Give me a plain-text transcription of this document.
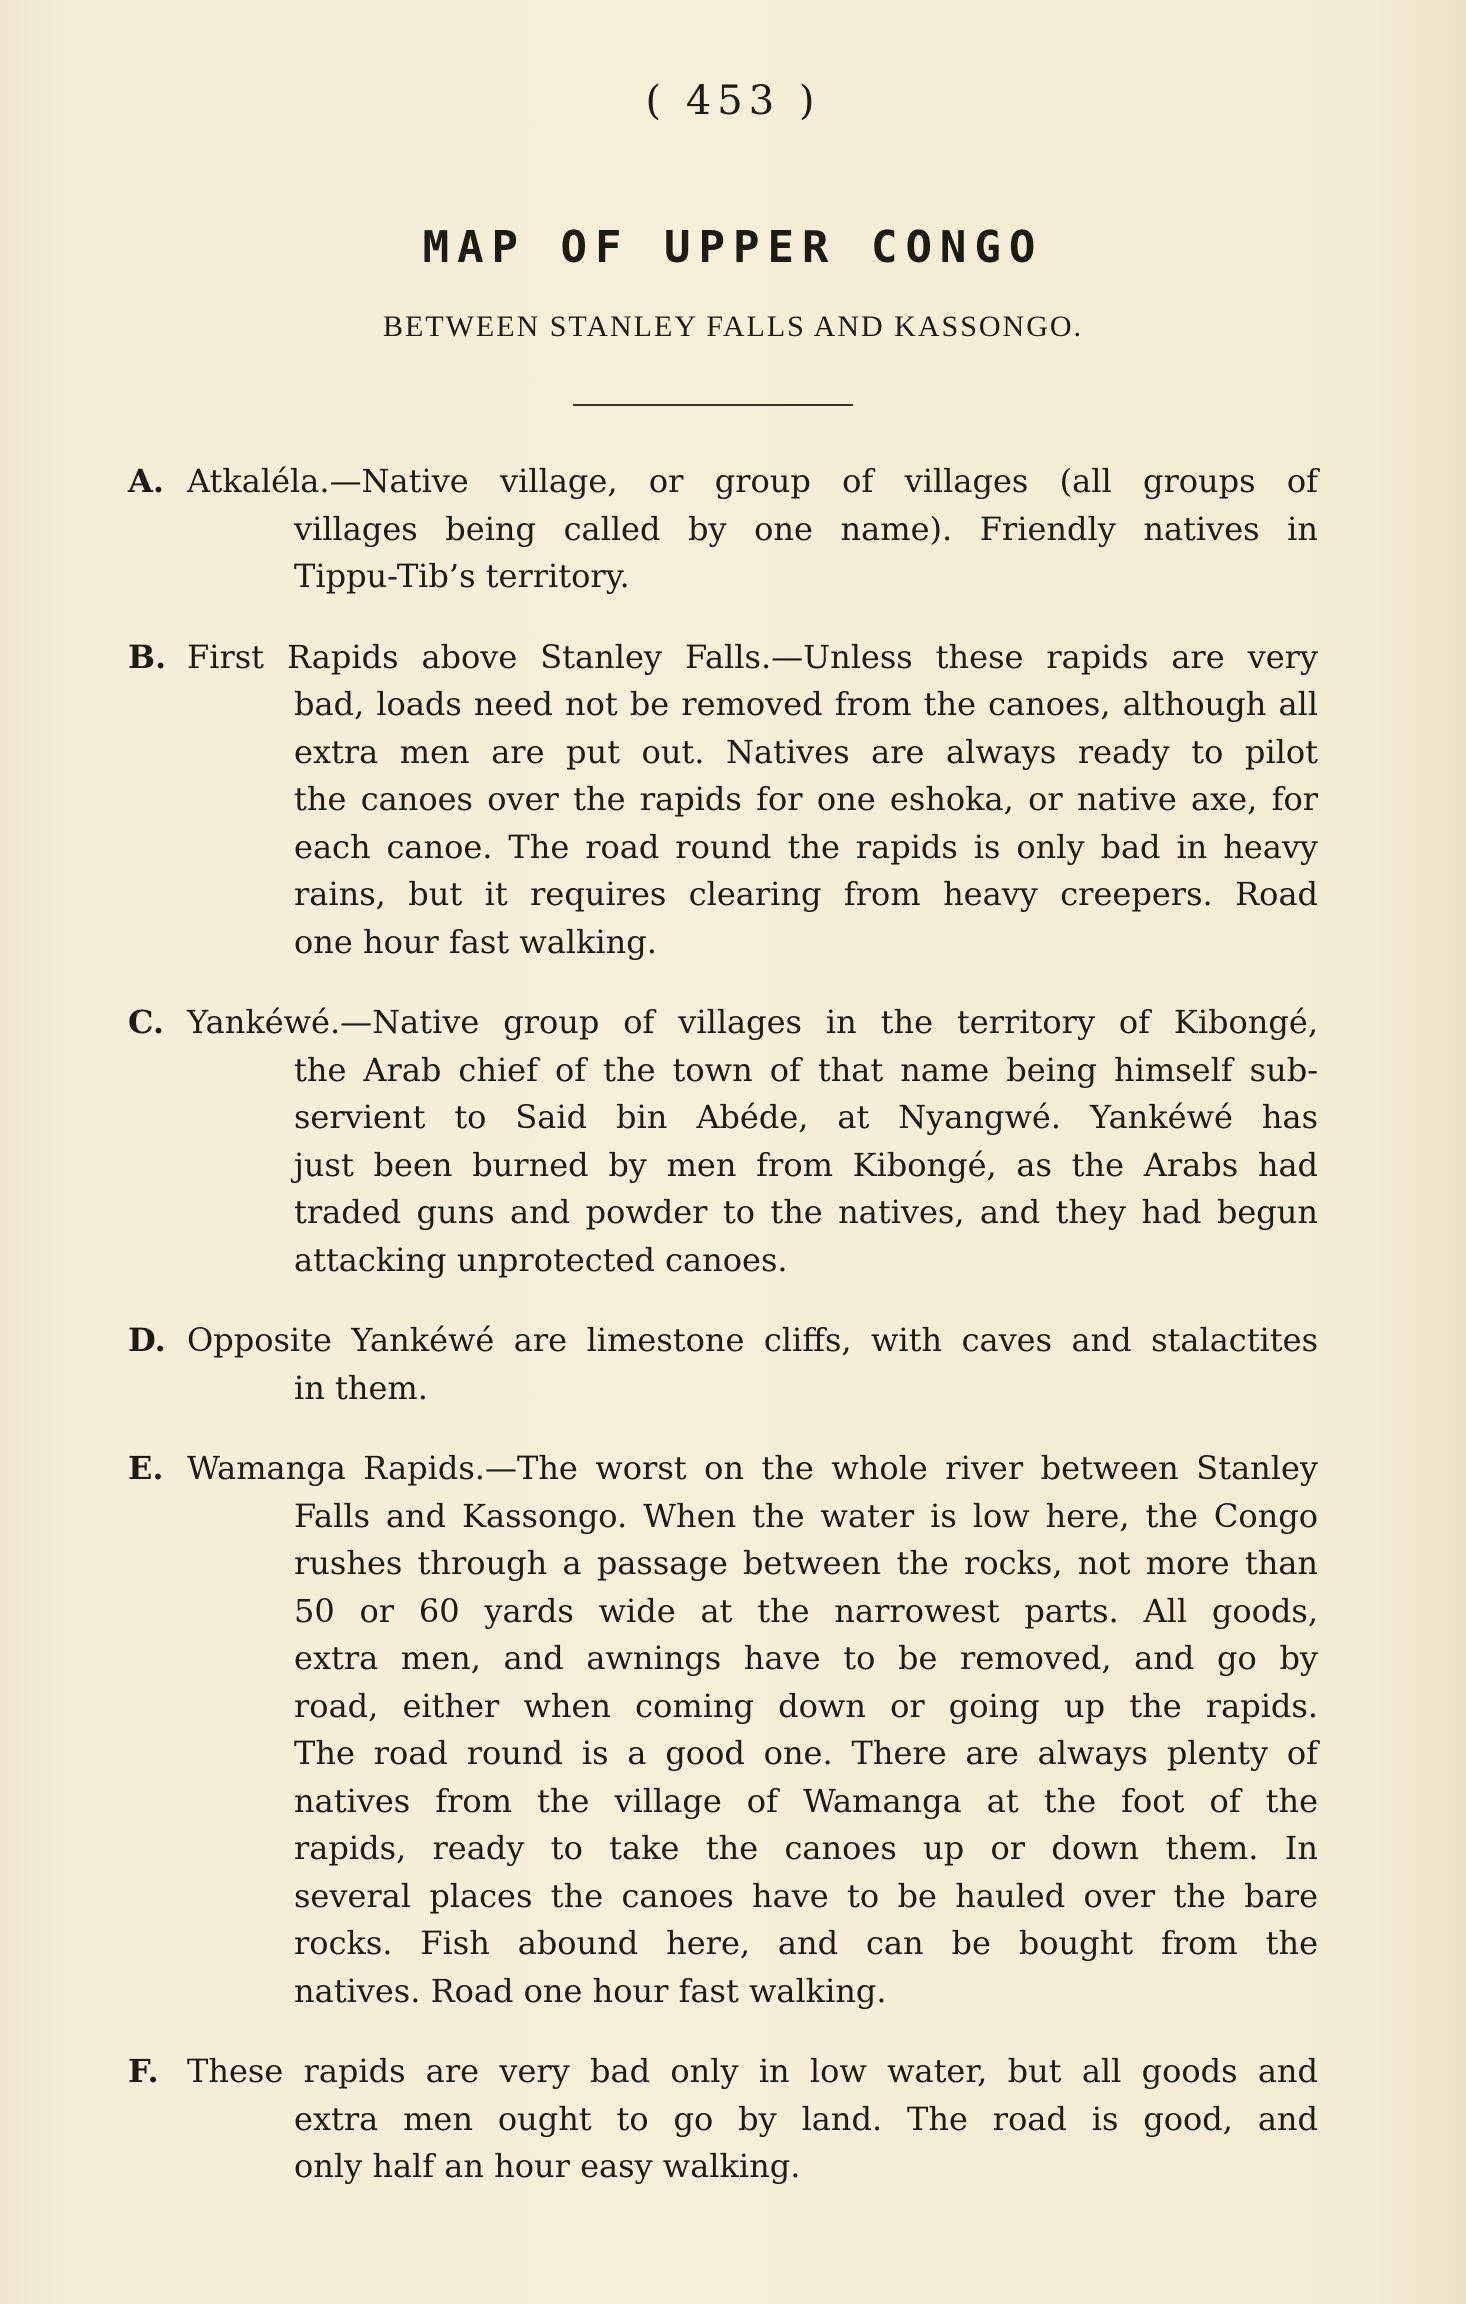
( 453 )
MAP OF UPPER CONGO
BETWEEN STANLEY FALLS AND KASSONGO.
A. Atkaléla.—Native village, or group of villages (all groups of
villages being called by one name). Friendly natives in
Tippu-Tib’s territory.
B. First Rapids above Stanley Falls.—Unless these rapids are very
bad, loads need not be removed from the canoes, although all
extra men are put out. Natives are always ready to pilot
the canoes over the rapids for one eshoka, or native axe, for
each canoe. The road round the rapids is only bad in heavy
rains, but it requires clearing from heavy creepers. Road
one hour fast walking.
C. Yankéwé.—Native group of villages in the territory of Kibongé,
the Arab chief of the town of that name being himself sub-
servient to Said bin Abéde, at Nyangwé. Yankéwé has
just been burned by men from Kibongé, as the Arabs had
traded guns and powder to the natives, and they had begun
attacking unprotected canoes.
D. Opposite Yankéwé are limestone cliffs, with caves and stalactites
in them.
E. Wamanga Rapids.—The worst on the whole river between Stanley
Falls and Kassongo. When the water is low here, the Congo
rushes through a passage between the rocks, not more than
50 or 60 yards wide at the narrowest parts. All goods,
extra men, and awnings have to be removed, and go by
road, either when coming down or going up the rapids.
The road round is a good one. There are always plenty of
natives from the village of Wamanga at the foot of the
rapids, ready to take the canoes up or down them. In
several places the canoes have to be hauled over the bare
rocks. Fish abound here, and can be bought from the
natives. Road one hour fast walking.
F. These rapids are very bad only in low water, but all goods and
extra men ought to go by land. The road is good, and
only half an hour easy walking.
